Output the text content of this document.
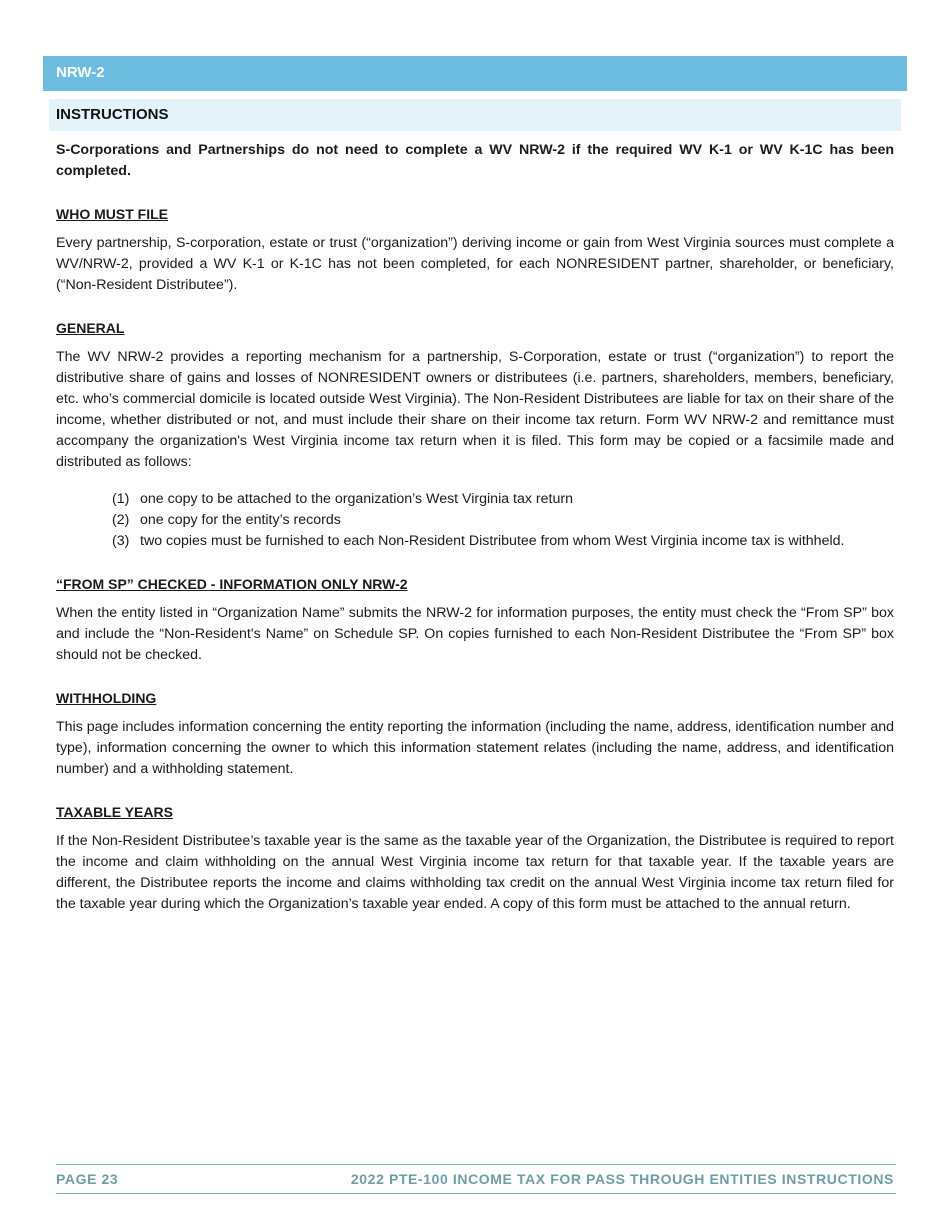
NRW-2
INSTRUCTIONS

S-Corporations and Partnerships do not need to complete a WV NRW-2 if the required WV K-1 or WV K-1C has been completed.

WHO MUST FILE

Every partnership, S-corporation, estate or trust (“organization”) deriving income or gain from West Virginia sources must complete a WV/NRW-2, provided a WV K-1 or K-1C has not been completed, for each NONRESIDENT partner, shareholder, or beneficiary, (“Non-Resident Distributee”).

GENERAL

The WV NRW-2 provides a reporting mechanism for a partnership, S-Corporation, estate or trust (“organization”) to report the distributive share of gains and losses of NONRESIDENT owners or distributees (i.e. partners, shareholders, members, beneficiary, etc. who’s commercial domicile is located outside West Virginia). The Non-Resident Distributees are liable for tax on their share of the income, whether distributed or not, and must include their share on their income tax return. Form WV NRW-2 and remittance must accompany the organization's West Virginia income tax return when it is filed. This form may be copied or a facsimile made and distributed as follows:

(1) one copy to be attached to the organization’s West Virginia tax return
(2) one copy for the entity’s records
(3) two copies must be furnished to each Non-Resident Distributee from whom West Virginia income tax is withheld.
“FROM SP” CHECKED - INFORMATION ONLY NRW-2

When the entity listed in “Organization Name” submits the NRW-2 for information purposes, the entity must check the “From SP” box and include the “Non-Resident's Name” on Schedule SP. On copies furnished to each Non-Resident Distributee the “From SP” box should not be checked.

WITHHOLDING

This page includes information concerning the entity reporting the information (including the name, address, identification number and type), information concerning the owner to which this information statement relates (including the name, address, and identification number) and a withholding statement.

TAXABLE YEARS

If the Non-Resident Distributee’s taxable year is the same as the taxable year of the Organization, the Distributee is required to report the income and claim withholding on the annual West Virginia income tax return for that taxable year. If the taxable years are different, the Distributee reports the income and claims withholding tax credit on the annual West Virginia income tax return filed for the taxable year during which the Organization’s taxable year ended. A copy of this form must be attached to the annual return.

PAGE 23	2022 PTE-100 INCOME TAX FOR PASS THROUGH ENTITIES INSTRUCTIONS
